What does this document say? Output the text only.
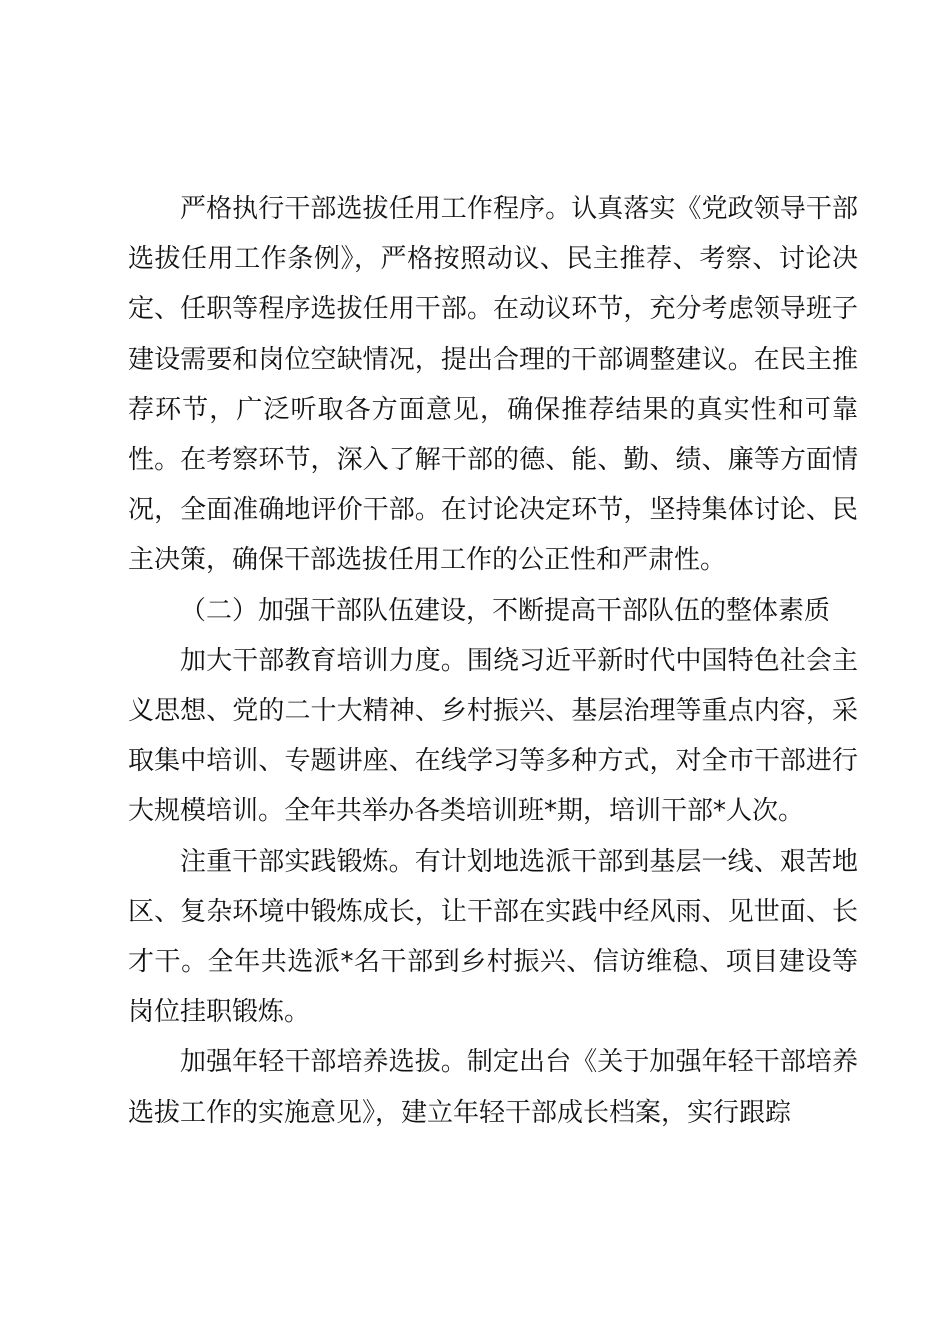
严格执行干部选拔任用工作程序。认真落实《党政领导干部选拔任用工作条例》，严格按照动议、民主推荐、考察、讨论决定、任职等程序选拔任用干部。在动议环节，充分考虑领导班子建设需要和岗位空缺情况，提出合理的干部调整建议。在民主推荐环节，广泛听取各方面意见，确保推荐结果的真实性和可靠性。在考察环节，深入了解干部的德、能、勤、绩、廉等方面情况，全面准确地评价干部。在讨论决定环节，坚持集体讨论、民主决策，确保干部选拔任用工作的公正性和严肃性。

（二）加强干部队伍建设，不断提高干部队伍的整体素质

加大干部教育培训力度。围绕习近平新时代中国特色社会主义思想、党的二十大精神、乡村振兴、基层治理等重点内容，采取集中培训、专题讲座、在线学习等多种方式，对全市干部进行大规模培训。全年共举办各类培训班*期，培训干部*人次。

注重干部实践锻炼。有计划地选派干部到基层一线、艰苦地区、复杂环境中锻炼成长，让干部在实践中经风雨、见世面、长才干。全年共选派*名干部到乡村振兴、信访维稳、项目建设等岗位挂职锻炼。

加强年轻干部培养选拔。制定出台《关于加强年轻干部培养选拔工作的实施意见》，建立年轻干部成长档案，实行跟踪
